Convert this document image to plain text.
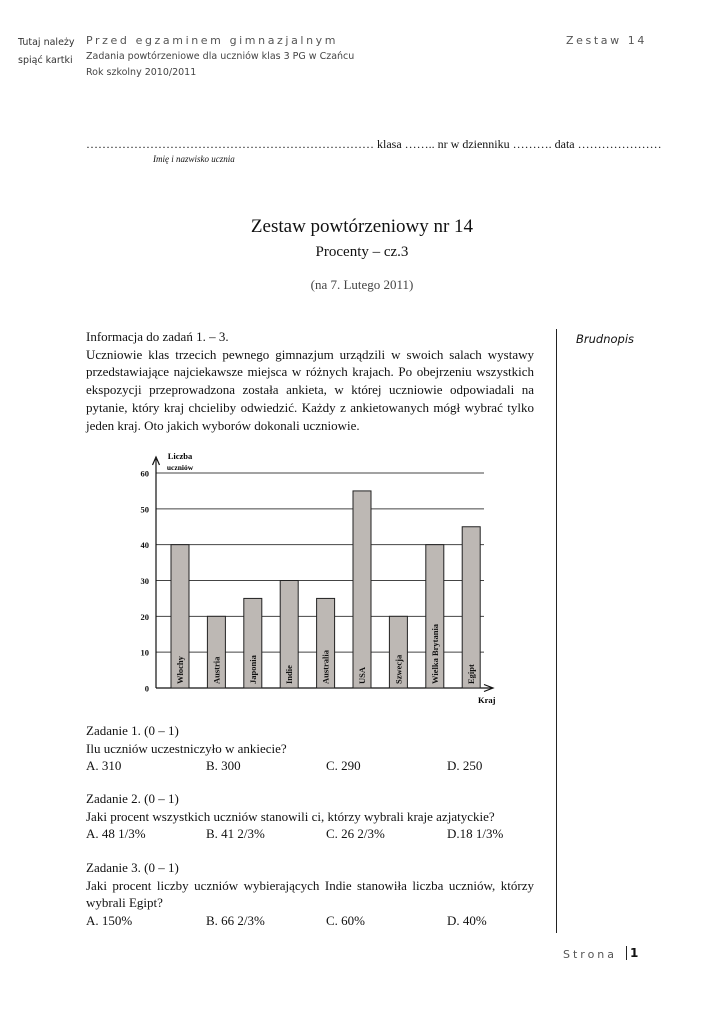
Tutaj należy
spiąć kartki
Przed egzaminem gimnazjalnym	Zestaw 14
Zadania powtórzeniowe dla uczniów klas 3 PG w Czańcu
Rok szkolny 2010/2011
……………………………………………………………… klasa …….. nr w dzienniku ………. data …………………
Imię i nazwisko ucznia
Zestaw powtórzeniowy nr 14
Procenty – cz.3
(na 7. Lutego 2011)
Brudnopis

Informacja do zadań 1. – 3.

Uczniowie klas trzecich pewnego gimnazjum urządzili w swoich salach wystawy przedstawiające najciekawsze miejsca w różnych krajach. Po obejrzeniu wszystkich ekspozycji przeprowadzona została ankieta, w której uczniowie odpowiadali na pytanie, który kraj chcieliby odwiedzić. Każdy z ankietowanych mógł wybrać tylko jeden kraj. Oto jakich wyborów dokonali uczniowie.

0
10
20
30
40
50
60
Liczba
uczniów
Kraj
Włochy	Austria	Japonia	Indie	Australia	USA	Szwecja	Wielka Brytania	Egipt
Zadanie 1. (0 – 1)
Ilu uczniów uczestniczyło w ankiecie?
A. 310	B. 300	C. 290	D. 250
Zadanie 2. (0 – 1)
Jaki procent wszystkich uczniów stanowili ci, którzy wybrali kraje azjatyckie?
A. 48 1/3%	B. 41 2/3%	C. 26 2/3%	D.18 1/3%
Zadanie 3. (0 – 1)
Jaki procent liczby uczniów wybierających Indie stanowiła liczba uczniów, którzy wybrali Egipt?
A. 150%	B. 66 2/3%	C. 60%	D. 40%
Strona	1
